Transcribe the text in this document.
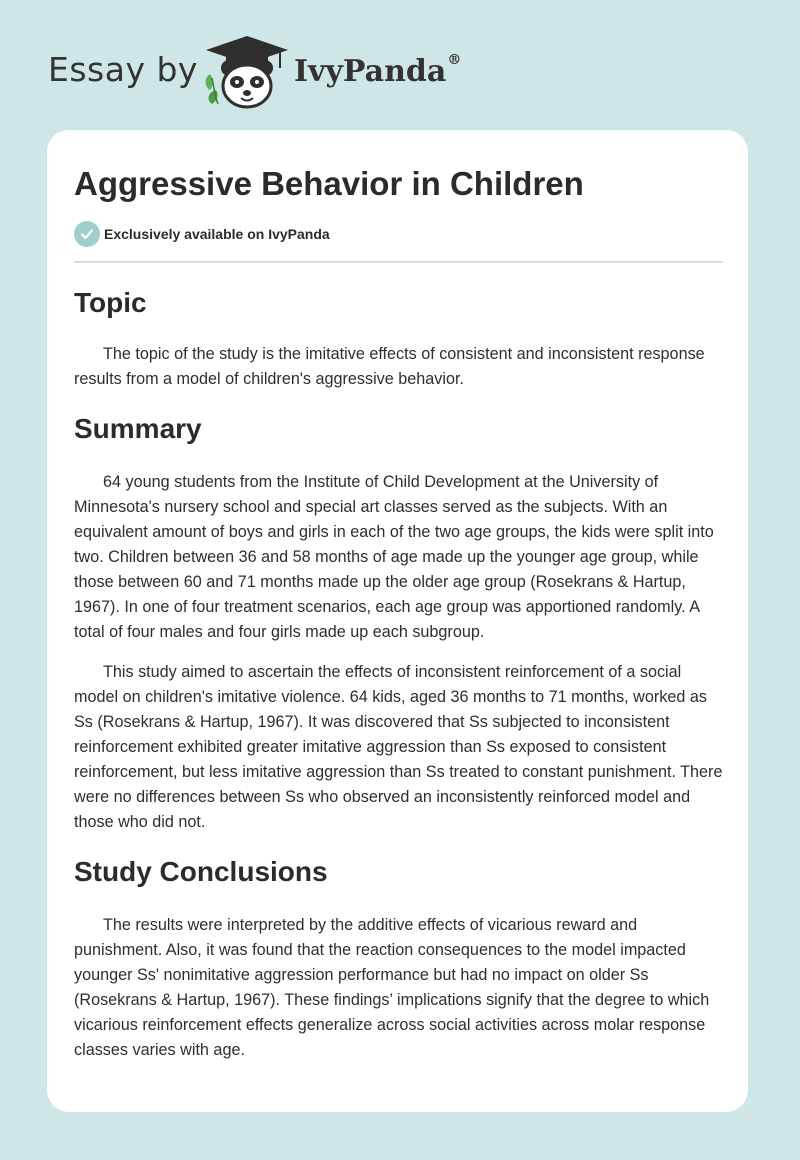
Essay by	IvyPanda®
Aggressive Behavior in Children
Exclusively available on IvyPanda
Topic

The topic of the study is the imitative effects of consistent and inconsistent response results from a model of children's aggressive behavior.

Summary

64 young students from the Institute of Child Development at the University of Minnesota's nursery school and special art classes served as the subjects. With an equivalent amount of boys and girls in each of the two age groups, the kids were split into two. Children between 36 and 58 months of age made up the younger age group, while those between 60 and 71 months made up the older age group (Rosekrans & Hartup, 1967). In one of four treatment scenarios, each age group was apportioned randomly. A total of four males and four girls made up each subgroup.

This study aimed to ascertain the effects of inconsistent reinforcement of a social model on children's imitative violence. 64 kids, aged 36 months to 71 months, worked as Ss (Rosekrans & Hartup, 1967). It was discovered that Ss subjected to inconsistent reinforcement exhibited greater imitative aggression than Ss exposed to consistent reinforcement, but less imitative aggression than Ss treated to constant punishment. There were no differences between Ss who observed an inconsistently reinforced model and those who did not.

Study Conclusions

The results were interpreted by the additive effects of vicarious reward and punishment. Also, it was found that the reaction consequences to the model impacted younger Ss' nonimitative aggression performance but had no impact on older Ss (Rosekrans & Hartup, 1967). These findings’ implications signify that the degree to which vicarious reinforcement effects generalize across social activities across molar response classes varies with age.
